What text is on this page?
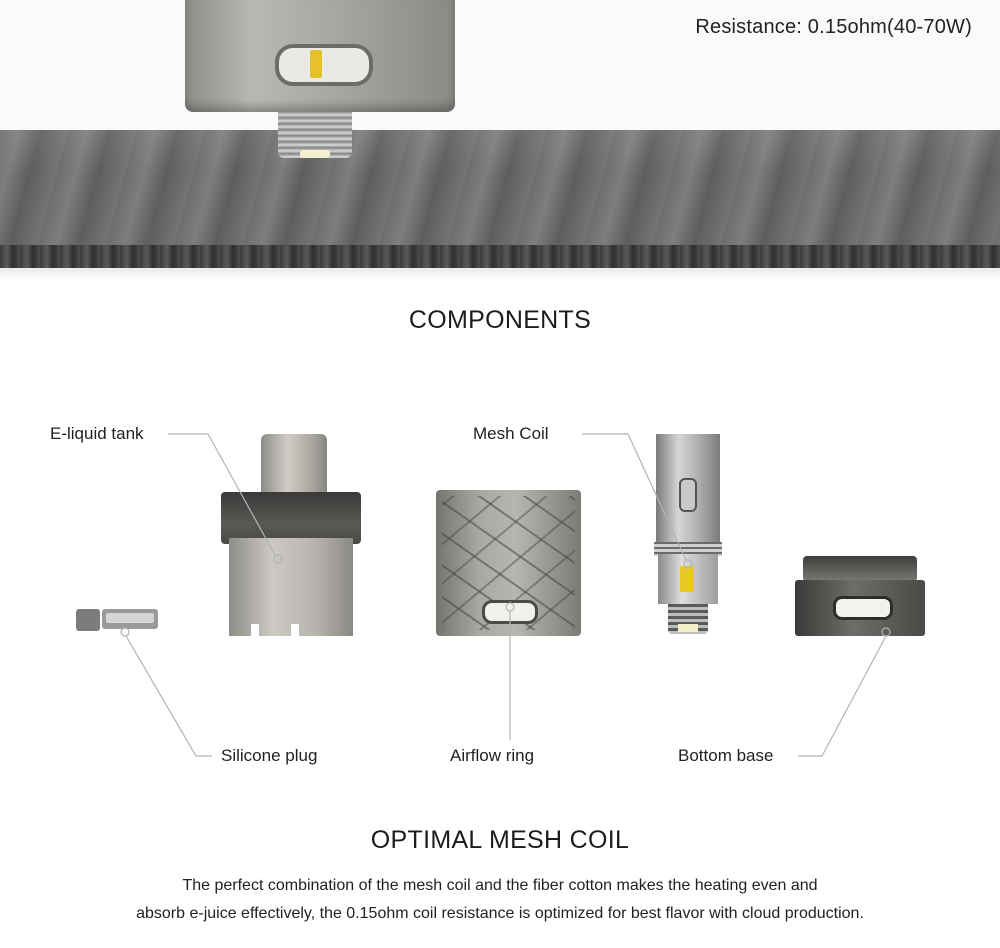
Resistance: 0.15ohm(40-70W)
COMPONENTS
E-liquid tank	Mesh Coil
Silicone plug	Airflow ring	Bottom base
OPTIMAL MESH COIL
The perfect combination of the mesh coil and the fiber cotton makes the heating even and
absorb e-juice effectively, the 0.15ohm coil resistance is optimized for best flavor with cloud production.
